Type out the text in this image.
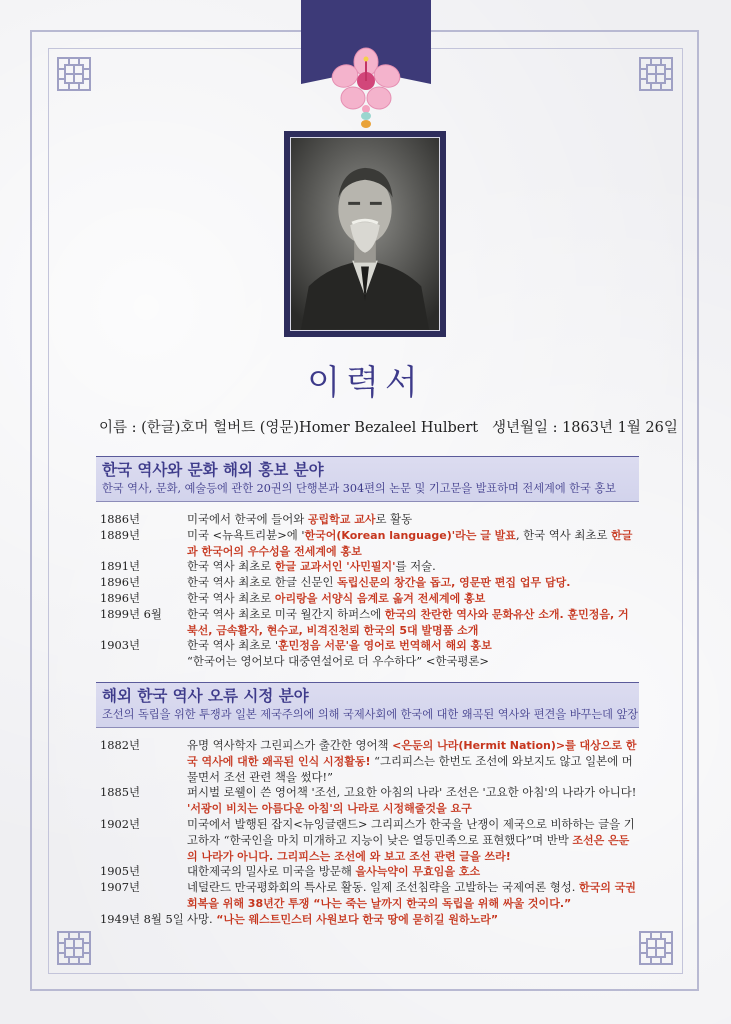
이력서
이름 : (한글)호머 헐버트 (영문)Homer Bezaleel Hulbert 생년월일 : 1863년 1월 26일
한국 역사와 문화 해외 홍보 분야
한국 역사, 문화, 예술등에 관한 20권의 단행본과 304편의 논문 및 기고문을 발표하며 전세계에 한국 홍보
1886년	미국에서 한국에 들어와 공립학교 교사로 활동
1889년	미국 <뉴욕트리뷴>에 '한국어(Korean language)'라는 글 발표, 한국 역사 최초로 한글과 한국어의 우수성을 전세계에 홍보
1891년	한국 역사 최초로 한글 교과서인 '사민필지'를 저술.
1896년	한국 역사 최초로 한글 신문인 독립신문의 창간을 돕고, 영문판 편집 업무 담당.
1896년	한국 역사 최초로 아리랑을 서양식 음계로 옮겨 전세계에 홍보
1899년 6월	한국 역사 최초로 미국 월간지 하퍼스에 한국의 찬란한 역사와 문화유산 소개. 훈민정음, 거북선, 금속활자, 현수교, 비격진천뢰 한국의 5대 발명품 소개
1903년	한국 역사 최초로 '훈민정음 서문'을 영어로 번역해서 해외 홍보
“한국어는 영어보다 대중연설어로 더 우수하다” <한국평론>
해외 한국 역사 오류 시정 분야
조선의 독립을 위한 투쟁과 일본 제국주의에 의해 국제사회에 한국에 대한 왜곡된 역사와 편견을 바꾸는데 앞장
1882년	유명 역사학자 그린피스가 출간한 영어책 <은둔의 나라(Hermit Nation)>를 대상으로 한국 역사에 대한 왜곡된 인식 시정활동! “그리피스는 한번도 조선에 와보지도 않고 일본에 머물면서 조선 관련 책을 썼다!”
1885년	퍼시벌 로웰이 쓴 영어책 '조선, 고요한 아침의 나라' 조선은 '고요한 아침'의 나라가 아니다! '서광이 비치는 아름다운 아침'의 나라로 시정해줄것을 요구
1902년	미국에서 발행된 잡지<뉴잉글랜드> 그리피스가 한국을 난쟁이 제국으로 비하하는 글을 기고하자 “한국인을 마치 미개하고 지능이 낮은 열등민족으로 표현했다”며 반박 조선은 은둔의 나라가 아니다. 그리피스는 조선에 와 보고 조선 관련 글을 쓰라!
1905년	대한제국의 밀사로 미국을 방문해 을사늑약이 무효임을 호소
1907년	네덜란드 만국평화회의 특사로 활동. 일제 조선침략을 고발하는 국제여론 형성. 한국의 국권회복을 위해 38년간 투쟁 “나는 죽는 날까지 한국의 독립을 위해 싸울 것이다.”
1949년 8월 5일 사망. “나는 웨스트민스터 사원보다 한국 땅에 묻히길 원하노라”
